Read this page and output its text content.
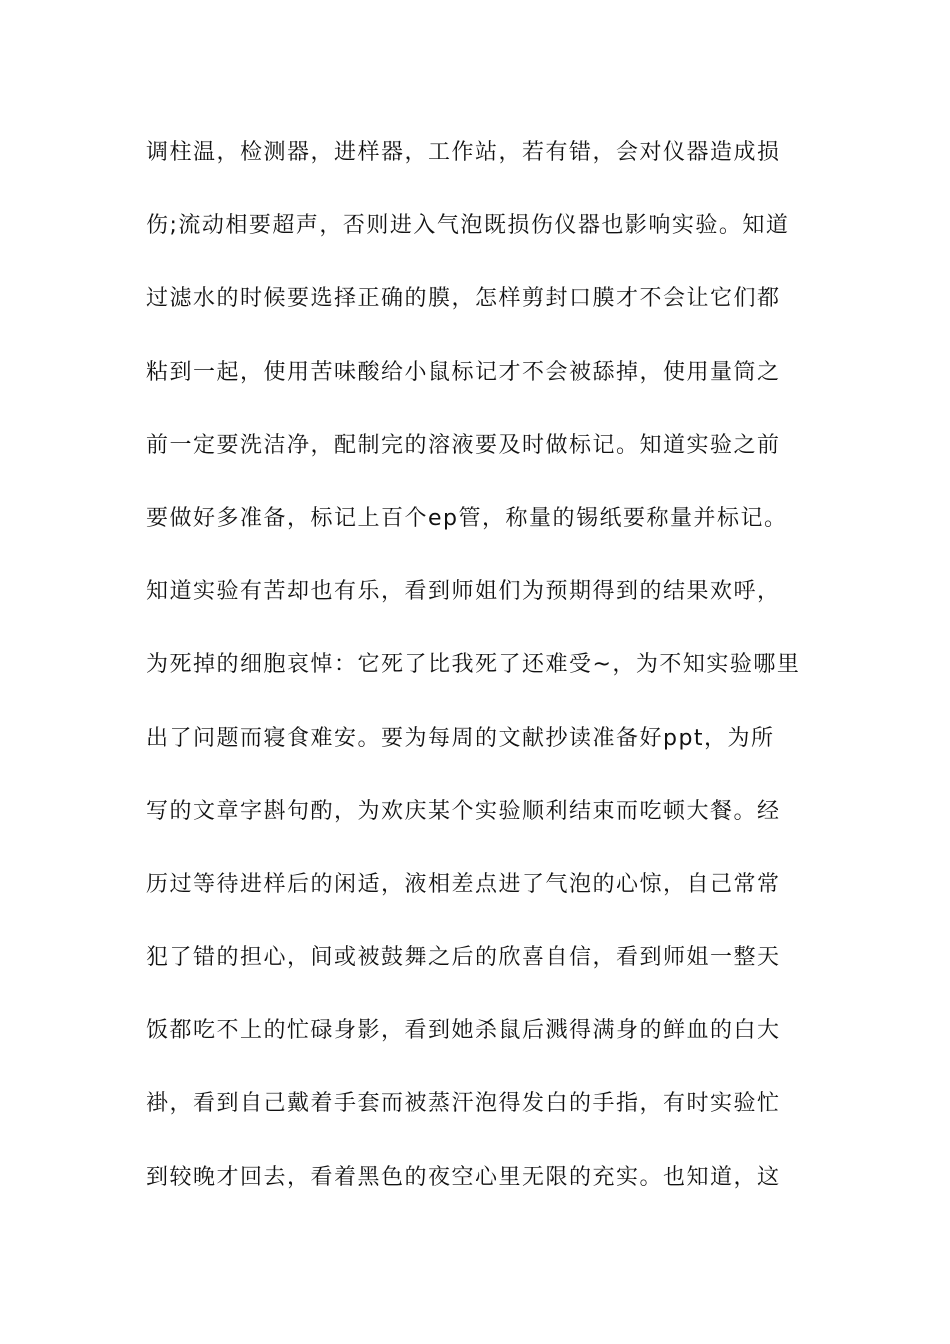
调柱温，检测器，进样器，工作站，若有错，会对仪器造成损
伤;流动相要超声，否则进入气泡既损伤仪器也影响实验。知道
过滤水的时候要选择正确的膜，怎样剪封口膜才不会让它们都
粘到一起，使用苦味酸给小鼠标记才不会被舔掉，使用量筒之
前一定要洗洁净，配制完的溶液要及时做标记。知道实验之前
要做好多准备，标记上百个ep管，称量的锡纸要称量并标记。
知道实验有苦却也有乐，看到师姐们为预期得到的结果欢呼，
为死掉的细胞哀悼：它死了比我死了还难受~，为不知实验哪里
出了问题而寝食难安。要为每周的文献抄读准备好ppt，为所
写的文章字斟句酌，为欢庆某个实验顺利结束而吃顿大餐。经
历过等待进样后的闲适，液相差点进了气泡的心惊，自己常常
犯了错的担心，间或被鼓舞之后的欣喜自信，看到师姐一整天
饭都吃不上的忙碌身影，看到她杀鼠后溅得满身的鲜血的白大
褂，看到自己戴着手套而被蒸汗泡得发白的手指，有时实验忙
到较晚才回去，看着黑色的夜空心里无限的充实。也知道，这
